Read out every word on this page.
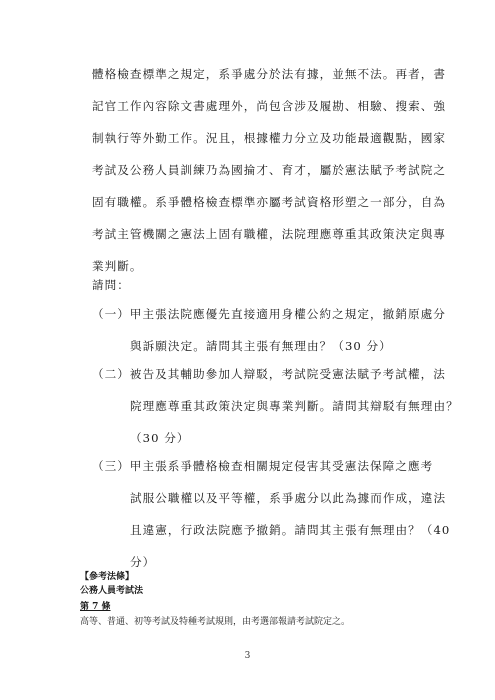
體格檢查標準之規定，系爭處分於法有據，並無不法。再者，書
記官工作內容除文書處理外，尚包含涉及履勘、相驗、搜索、強
制執行等外勤工作。況且，根據權力分立及功能最適觀點，國家
考試及公務人員訓練乃為國掄才、育才，屬於憲法賦予考試院之
固有職權。系爭體格檢查標準亦屬考試資格形塑之一部分，自為
考試主管機關之憲法上固有職權，法院理應尊重其政策決定與專
業判斷。
請問：
（一）甲主張法院應優先直接適用身權公約之規定，撤銷原處分
與訴願決定。請問其主張有無理由？（30 分）
（二）被告及其輔助參加人辯駁，考試院受憲法賦予考試權，法
院理應尊重其政策決定與專業判斷。請問其辯駁有無理由？
（30 分）
（三）甲主張系爭體格檢查相關規定侵害其受憲法保障之應考
試服公職權以及平等權，系爭處分以此為據而作成，違法
且違憲，行政法院應予撤銷。請問其主張有無理由？（40
分）
【參考法條】
公務人員考試法
第 7 條
高等、普通、初等考試及特種考試規則，由考選部報請考試院定之。
3
